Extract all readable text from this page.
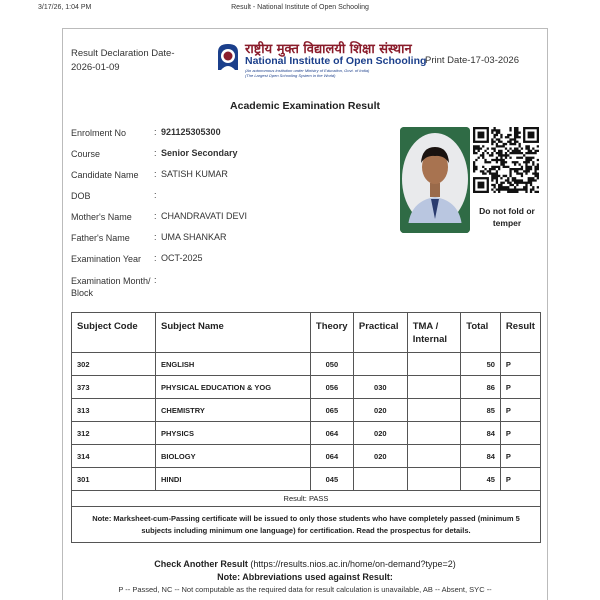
3/17/26, 1:04 PM	Result - National Institute of Open Schooling
Result Declaration Date-
2026-01-09
राष्ट्रीय मुक्त विद्यालयी शिक्षा संस्थान
National Institute of Open Schooling
(An autonomous institution under Ministry of Education, Govt. of India)
(The Largest Open Schooling System in the World)
Print Date-17-03-2026
Academic Examination Result
Enrolment No	: 921125305300
Course	: Senior Secondary
Candidate Name	: SATISH KUMAR
DOB	:
Mother's Name	: CHANDRAVATI DEVI
Father's Name	: UMA SHANKAR
Examination Year	: OCT-2025
Examination Month/ Block
:
Do not fold or temper
Subject Code	Subject Name	Theory	Practical	TMA / Internal	Total	Result
302	ENGLISH	050			50	P
373	PHYSICAL EDUCATION & YOG	056	030		86	P
313	CHEMISTRY	065	020		85	P
312	PHYSICS	064	020		84	P
314	BIOLOGY	064	020		84	P
301	HINDI	045			45	P
Result: PASS						
Note: Marksheet-cum-Passing certificate will be issued to only those students who have completely passed (minimum 5 subjects including minimum one language) for certification. Read the prospectus for details.						
Check Another Result (https://results.nios.ac.in/home/on-demand?type=2)
Note: Abbreviations used against Result:
P -- Passed, NC -- Not computable as the required data for result calculation is unavailable, AB -- Absent, SYC --
